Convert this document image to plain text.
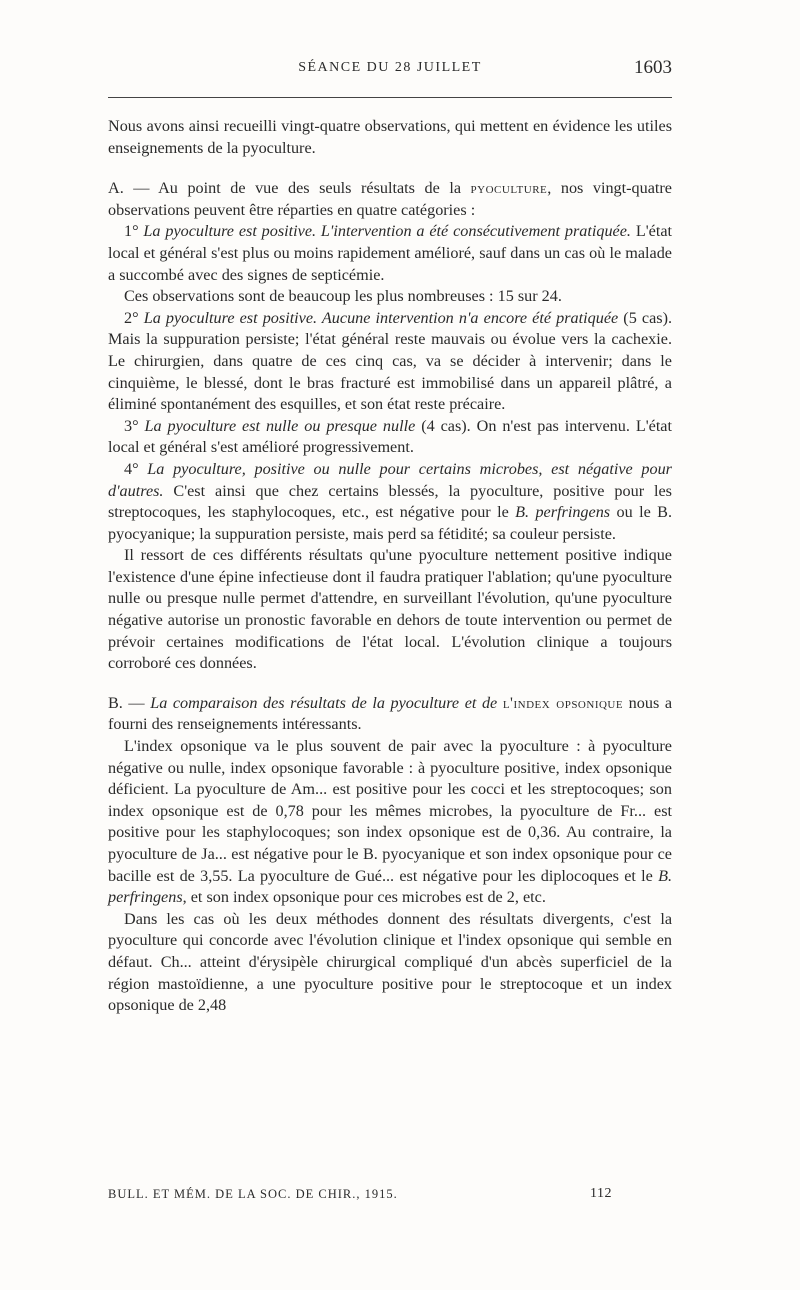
SÉANCE DU 28 JUILLET	1603

Nous avons ainsi recueilli vingt-quatre observations, qui mettent en évidence les utiles enseignements de la pyoculture.

A. — Au point de vue des seuls résultats de la pyoculture, nos vingt-quatre observations peuvent être réparties en quatre catégories :

1° La pyoculture est positive. L'intervention a été consécutivement pratiquée. L'état local et général s'est plus ou moins rapidement amélioré, sauf dans un cas où le malade a succombé avec des signes de septicémie.

Ces observations sont de beaucoup les plus nombreuses : 15 sur 24.

2° La pyoculture est positive. Aucune intervention n'a encore été pratiquée (5 cas). Mais la suppuration persiste; l'état général reste mauvais ou évolue vers la cachexie. Le chirurgien, dans quatre de ces cinq cas, va se décider à intervenir; dans le cinquième, le blessé, dont le bras fracturé est immobilisé dans un appareil plâtré, a éliminé spontanément des esquilles, et son état reste précaire.

3° La pyoculture est nulle ou presque nulle (4 cas). On n'est pas intervenu. L'état local et général s'est amélioré progressivement.

4° La pyoculture, positive ou nulle pour certains microbes, est négative pour d'autres. C'est ainsi que chez certains blessés, la pyoculture, positive pour les streptocoques, les staphylocoques, etc., est négative pour le B. perfringens ou le B. pyocyanique; la suppuration persiste, mais perd sa fétidité; sa couleur persiste.

Il ressort de ces différents résultats qu'une pyoculture nettement positive indique l'existence d'une épine infectieuse dont il faudra pratiquer l'ablation; qu'une pyoculture nulle ou presque nulle permet d'attendre, en surveillant l'évolution, qu'une pyoculture négative autorise un pronostic favorable en dehors de toute intervention ou permet de prévoir certaines modifications de l'état local. L'évolution clinique a toujours corroboré ces données.

B. — La comparaison des résultats de la pyoculture et de l'index opsonique nous a fourni des renseignements intéressants.

L'index opsonique va le plus souvent de pair avec la pyoculture : à pyoculture négative ou nulle, index opsonique favorable : à pyoculture positive, index opsonique déficient. La pyoculture de Am... est positive pour les cocci et les streptocoques; son index opsonique est de 0,78 pour les mêmes microbes, la pyoculture de Fr... est positive pour les staphylocoques; son index opsonique est de 0,36. Au contraire, la pyoculture de Ja... est négative pour le B. pyocyanique et son index opsonique pour ce bacille est de 3,55. La pyoculture de Gué... est négative pour les diplocoques et le B. perfringens, et son index opsonique pour ces microbes est de 2, etc.

Dans les cas où les deux méthodes donnent des résultats divergents, c'est la pyoculture qui concorde avec l'évolution clinique et l'index opsonique qui semble en défaut. Ch... atteint d'érysipèle chirurgical compliqué d'un abcès superficiel de la région mastoïdienne, a une pyoculture positive pour le streptocoque et un index opsonique de 2,48

BULL. ET MÉM. DE LA SOC. DE CHIR., 1915.	112
